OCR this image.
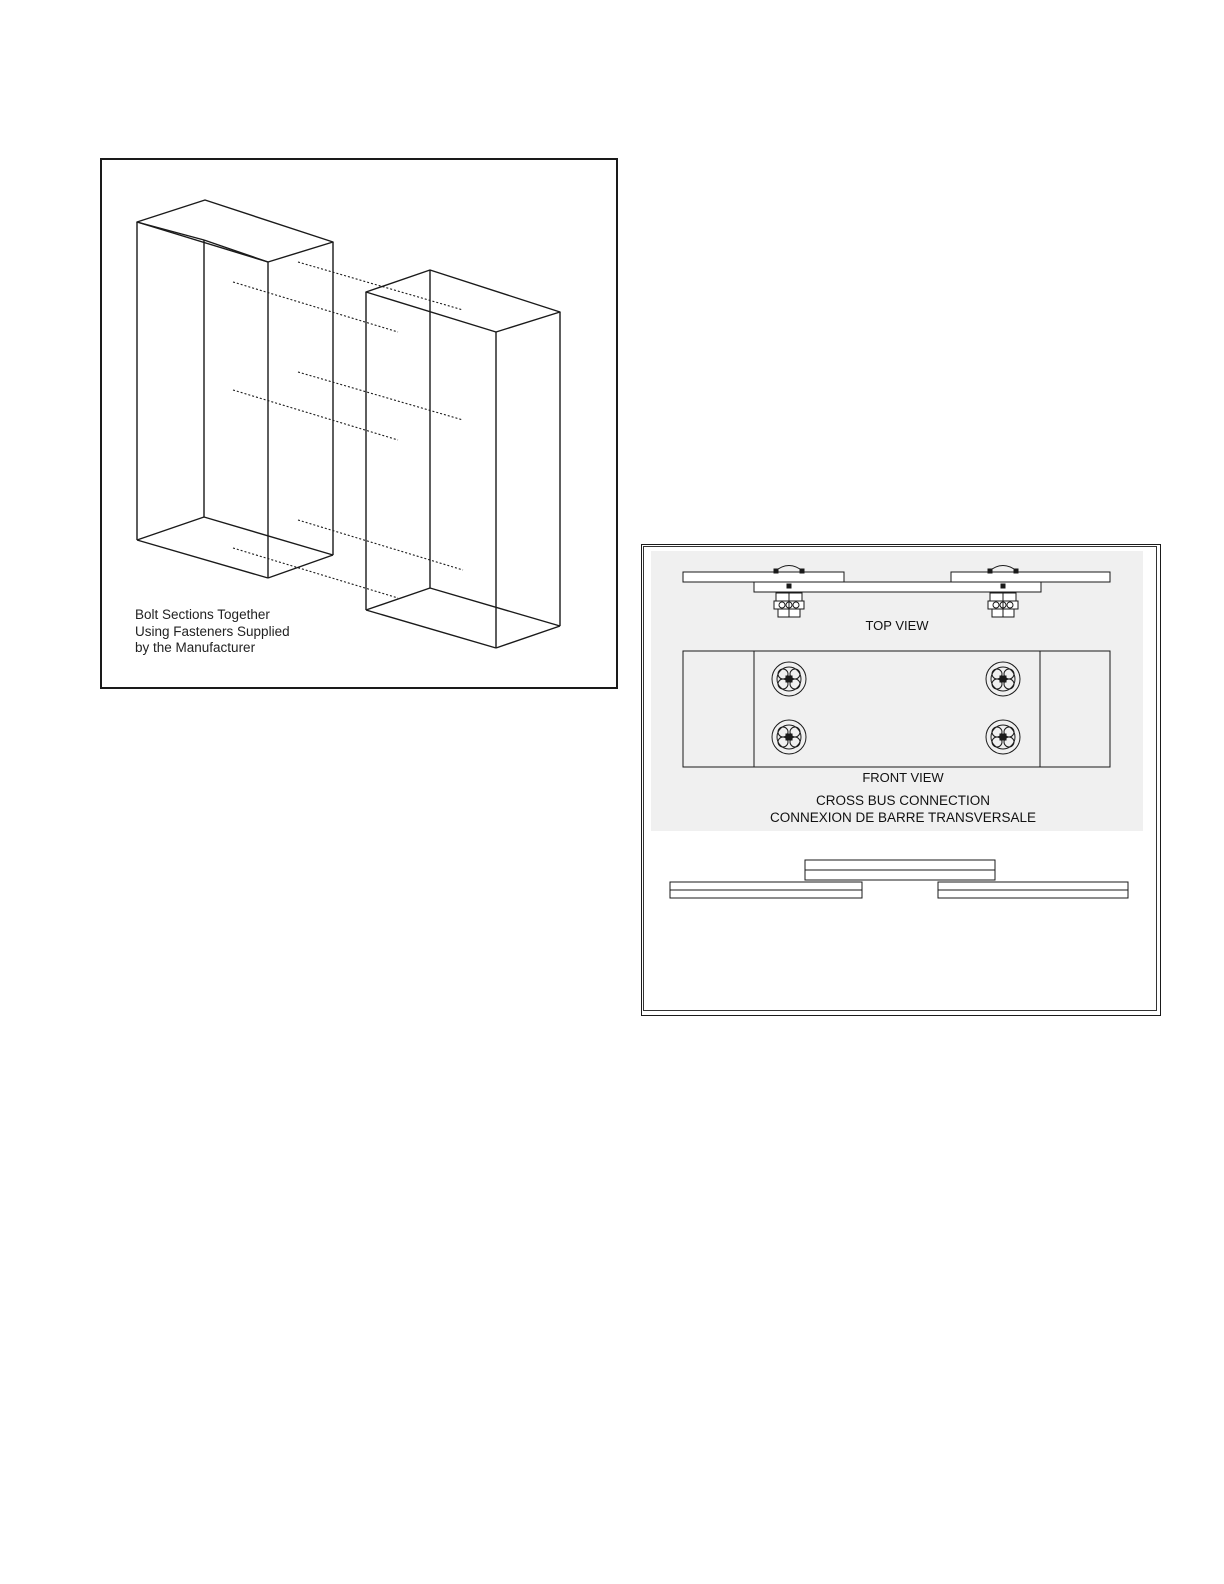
Bolt Sections Together
Using Fasteners Supplied
by the Manufacturer
TOP VIEW
FRONT VIEW
CROSS BUS CONNECTION
CONNEXION DE BARRE TRANSVERSALE
